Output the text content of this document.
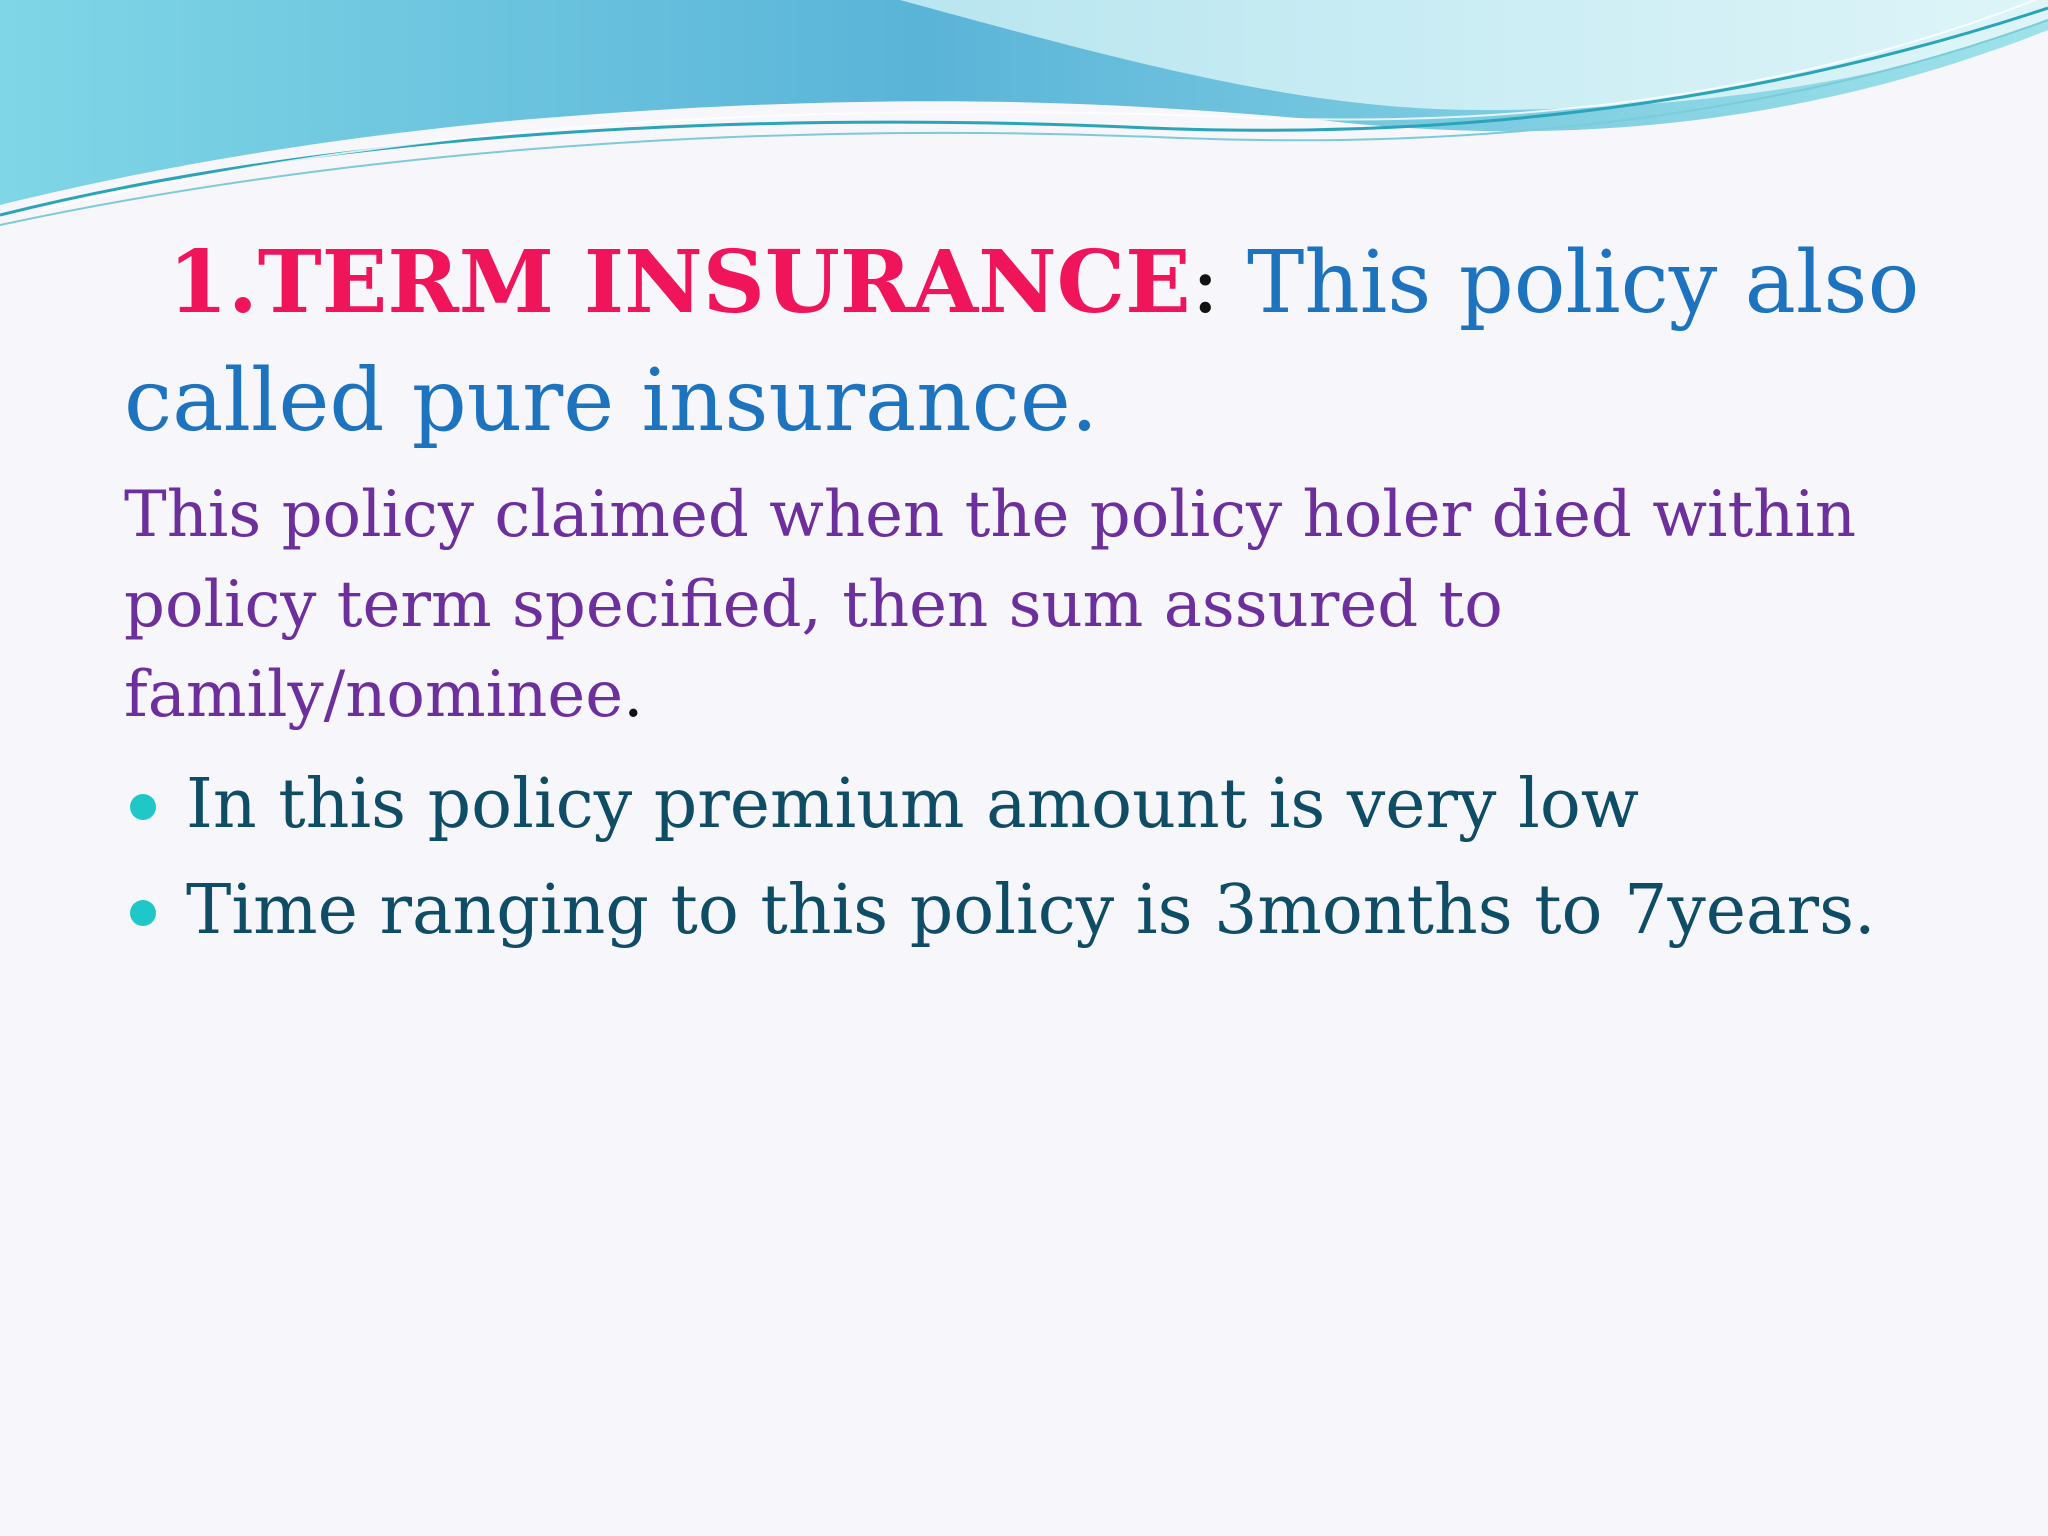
1.TERM INSURANCE: This policy also called pure insurance.

This policy claimed when the policy holer died within policy term specified, then sum assured to family/nominee.

In this policy premium amount is very low
Time ranging to this policy is 3months to 7years.
